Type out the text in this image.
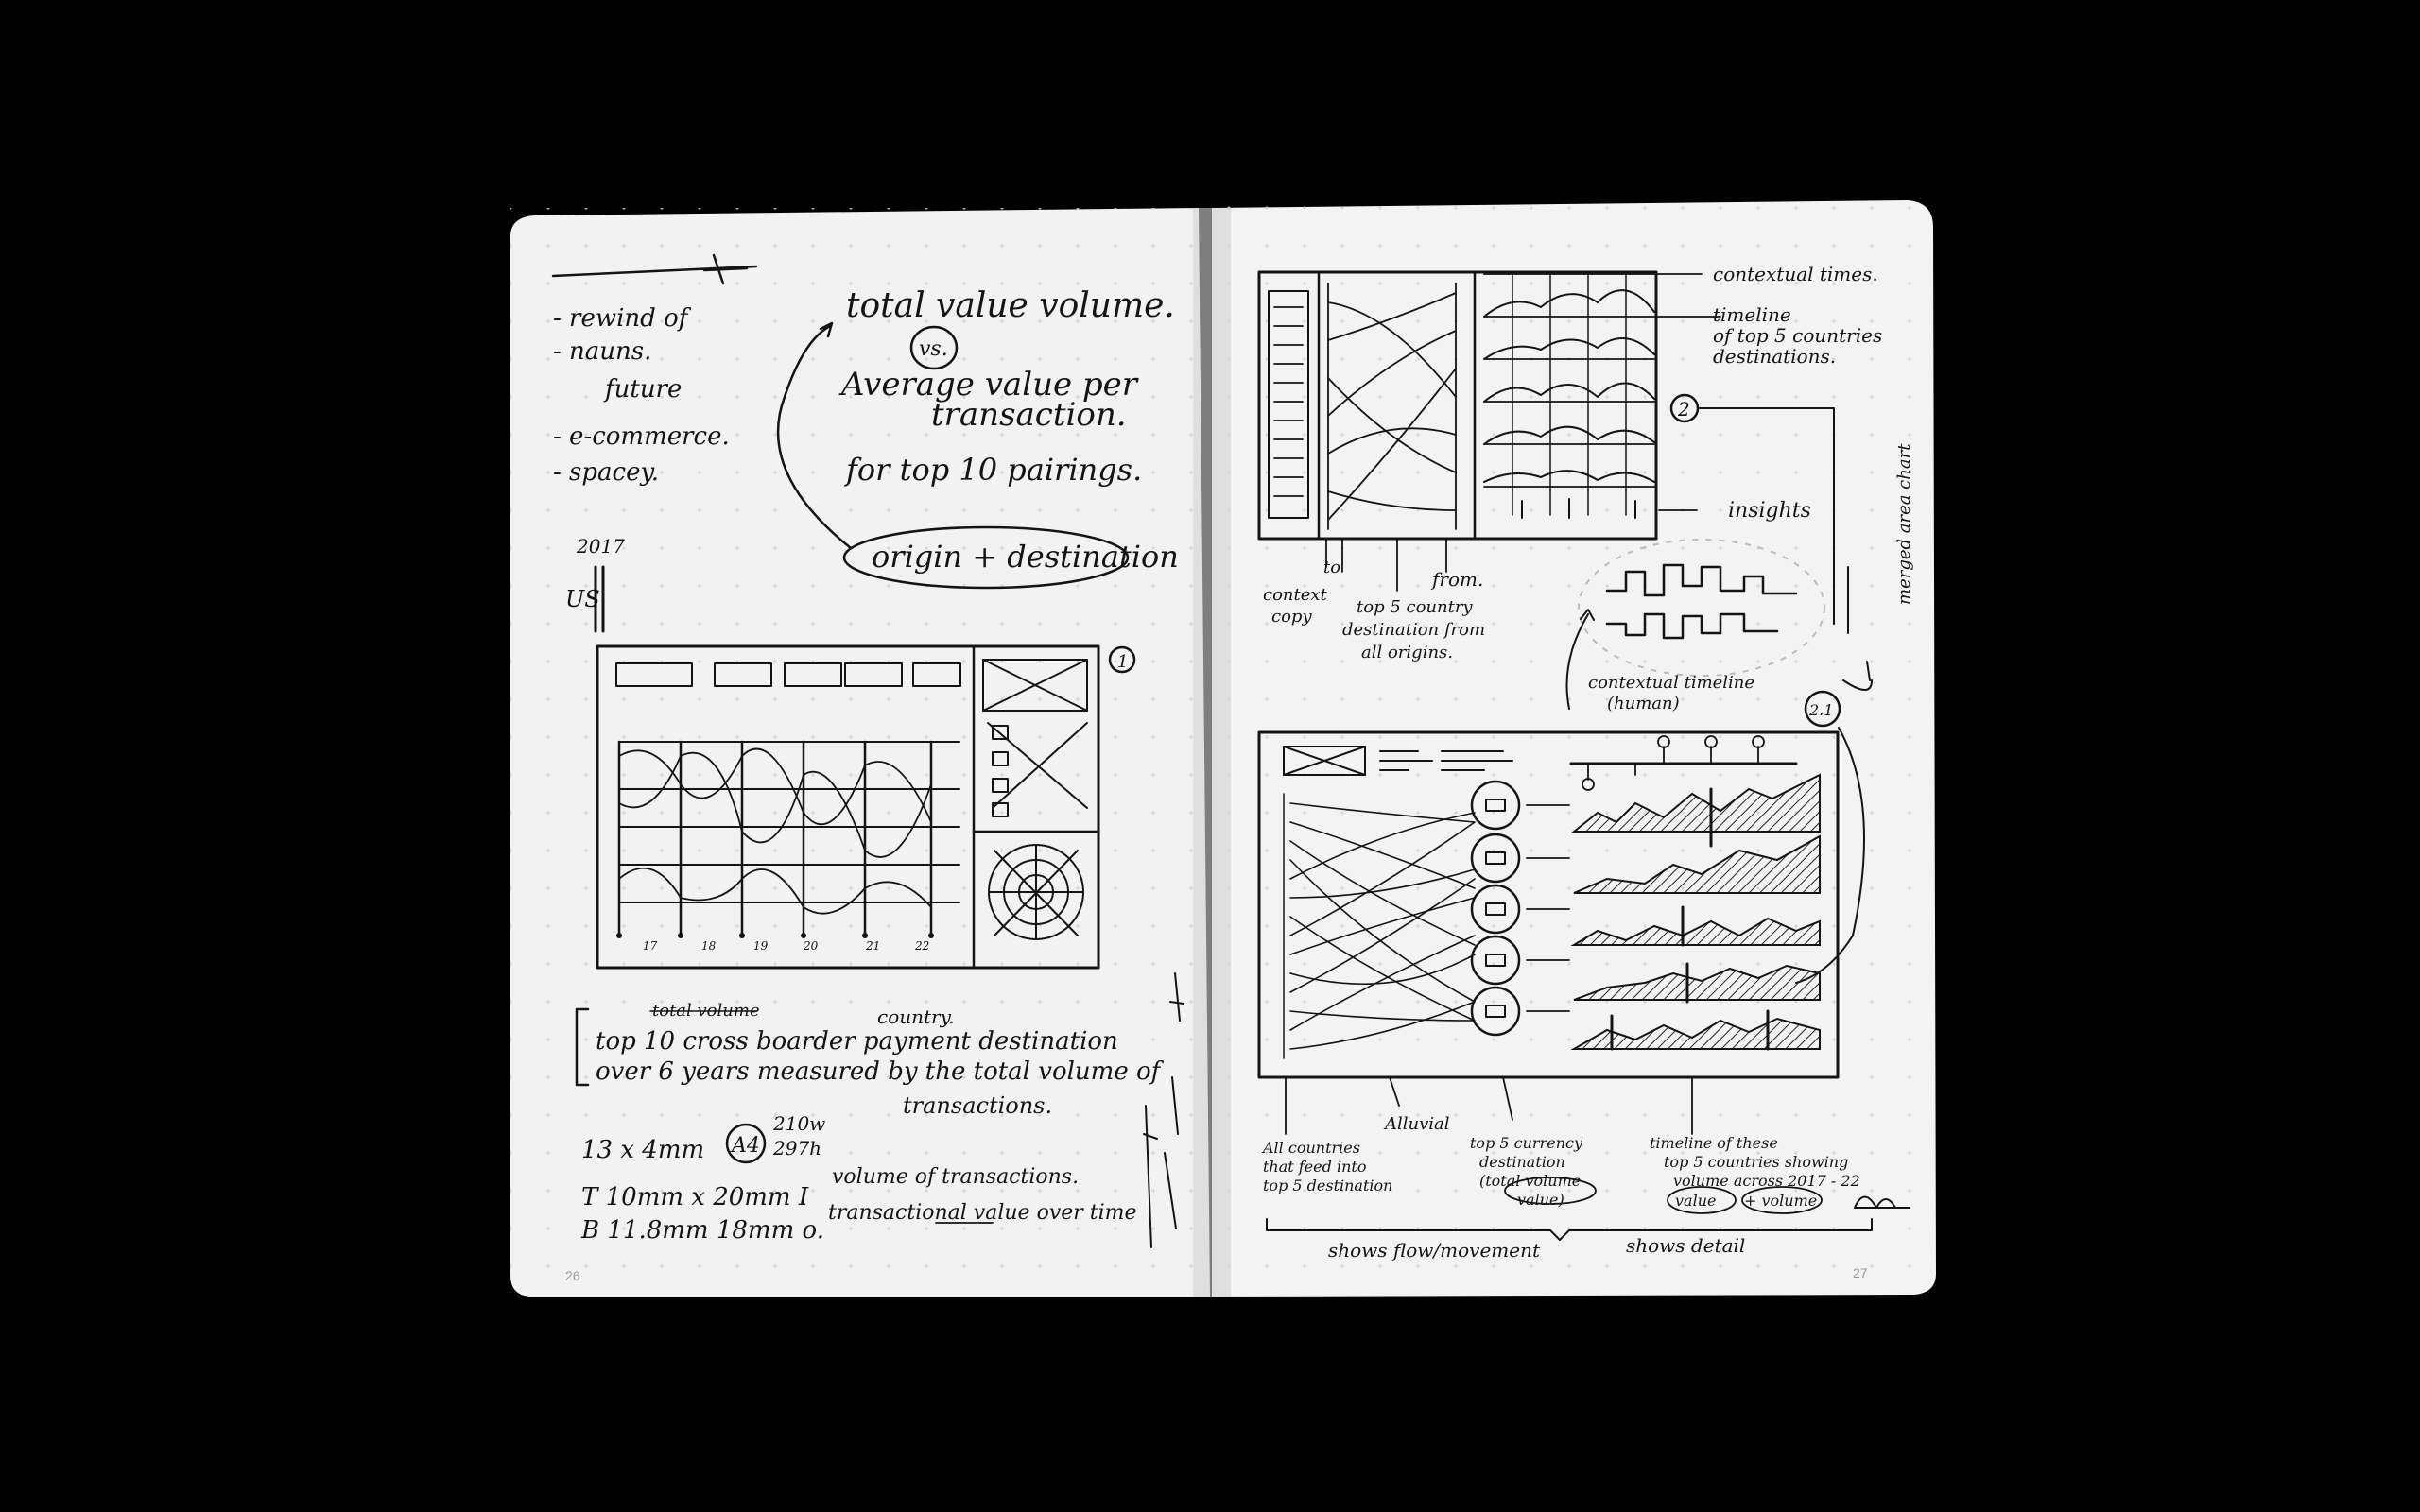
- rewind of
- nauns.
future
- e-commerce.
- spacey.
2017
US
total value volume.
vs.
Average value per
transaction.
for top 10 pairings.
origin + destination
17	18	19	20	21	22
1
total volume	country.
top 10 cross boarder payment destination
over 6 years measured by the total volume of
transactions.
13 x 4mm A4
210w
297h
volume of transactions.
T 10mm x 20mm I
B 11.8mm 18mm o.
transactional value over time
26
contextual times.
timeline
of top 5 countries
destinations.
2
insights
context
copy
to
top 5 country
destination from
all origins.
from.	merged area chart
contextual timeline
(human)	2.1
All countries
that feed into
top 5 destination
Alluvial
top 5 currency
destination
(total volume
value)
timeline of these
top 5 countries showing
volume across 2017 - 22
value + volume
shows flow/movement	shows detail
27
